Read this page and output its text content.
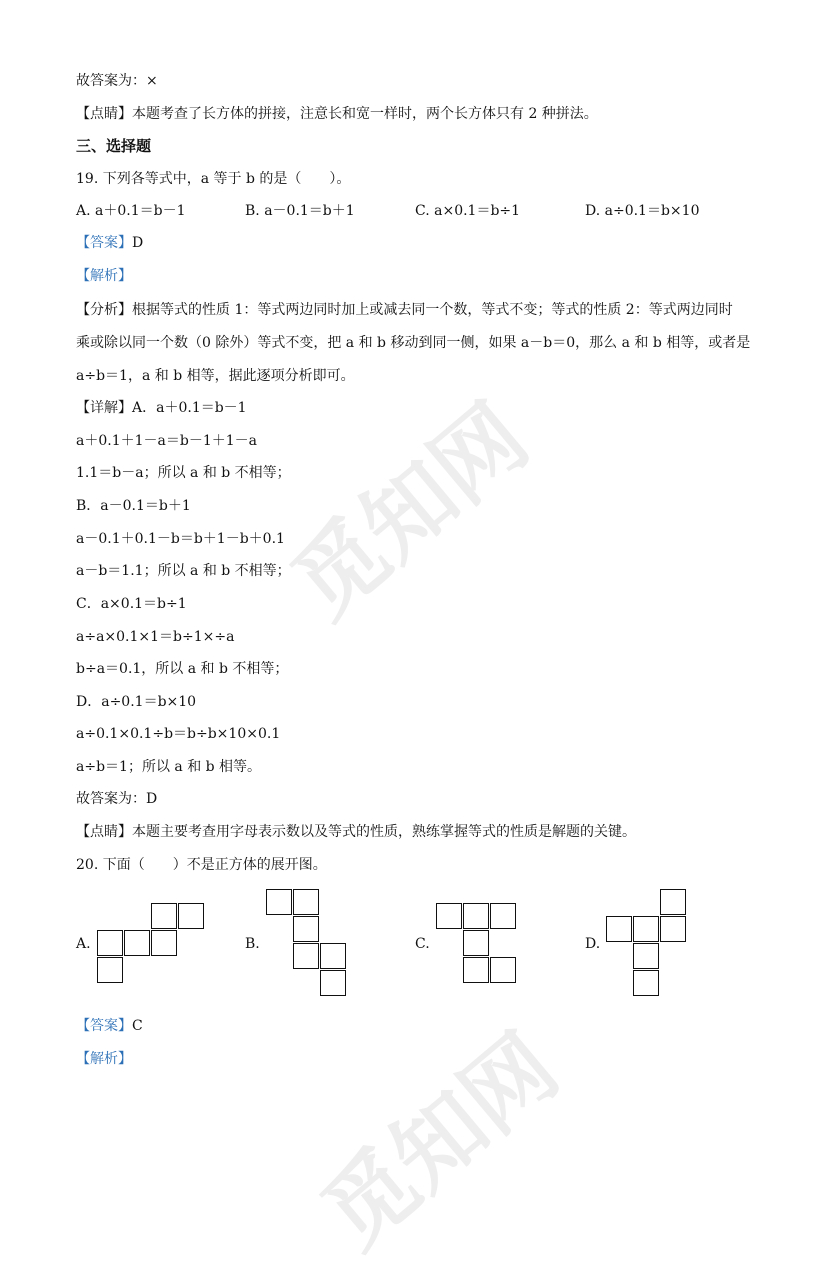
觅知网
觅知网
故答案为：×
【点睛】本题考查了长方体的拼接，注意长和宽一样时，两个长方体只有 2 种拼法。
三、选择题
19. 下列各等式中，a 等于 b 的是（　　）。
A. a＋0.1＝b－1	B. a－0.1＝b＋1	C. a×0.1＝b÷1	D. a÷0.1＝b×10
【答案】D
【解析】
【分析】根据等式的性质 1：等式两边同时加上或减去同一个数，等式不变；等式的性质 2：等式两边同时
乘或除以同一个数（0 除外）等式不变，把 a 和 b 移动到同一侧，如果 a－b＝0，那么 a 和 b 相等，或者是
a÷b＝1，a 和 b 相等，据此逐项分析即可。
【详解】A．a＋0.1＝b－1
a＋0.1＋1－a＝b－1＋1－a
1.1＝b－a；所以 a 和 b 不相等；
B．a－0.1＝b＋1
a－0.1＋0.1－b＝b＋1－b＋0.1
a－b＝1.1；所以 a 和 b 不相等；
C．a×0.1＝b÷1
a÷a×0.1×1＝b÷1×÷a
b÷a＝0.1，所以 a 和 b 不相等；
D．a÷0.1＝b×10
a÷0.1×0.1÷b＝b÷b×10×0.1
a÷b＝1；所以 a 和 b 相等。
故答案为：D
【点睛】本题主要考查用字母表示数以及等式的性质，熟练掌握等式的性质是解题的关键。
20. 下面（　　）不是正方体的展开图。
A.	B.	C.	D.
【答案】C
【解析】
